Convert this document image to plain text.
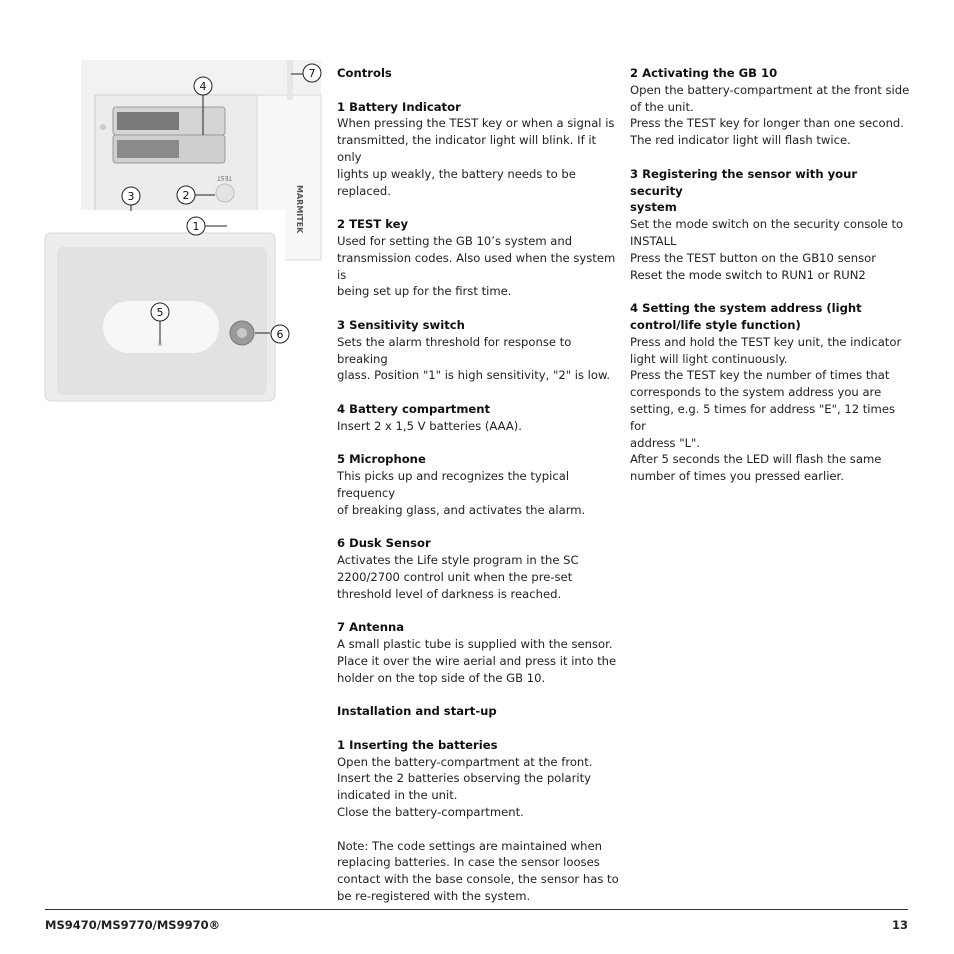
MARMITEK
TEST
7
4
3	2
1
5
6
Controls
1 Battery Indicator
When pressing the TEST key or when a signal is
transmitted, the indicator light will blink. If it only
lights up weakly, the battery needs to be
replaced.
2 TEST key
Used for setting the GB 10’s system and
transmission codes. Also used when the system is
being set up for the first time.
3 Sensitivity switch
Sets the alarm threshold for response to breaking
glass. Position "1" is high sensitivity, "2" is low.
4 Battery compartment
Insert 2 x 1,5 V batteries (AAA).
5 Microphone
This picks up and recognizes the typical frequency
of breaking glass, and activates the alarm.
6 Dusk Sensor
Activates the Life style program in the SC
2200/2700 control unit when the pre-set
threshold level of darkness is reached.
7 Antenna
A small plastic tube is supplied with the sensor.
Place it over the wire aerial and press it into the
holder on the top side of the GB 10.
Installation and start-up
1 Inserting the batteries
Open the battery-compartment at the front.
Insert the 2 batteries observing the polarity
indicated in the unit.
Close the battery-compartment.
Note: The code settings are maintained when
replacing batteries. In case the sensor looses
contact with the base console, the sensor has to
be re-registered with the system.
2 Activating the GB 10
Open the battery-compartment at the front side
of the unit.
Press the TEST key for longer than one second.
The red indicator light will flash twice.
3 Registering the sensor with your security
system
Set the mode switch on the security console to
INSTALL
Press the TEST button on the GB10 sensor
Reset the mode switch to RUN1 or RUN2
4 Setting the system address (light
control/life style function)
Press and hold the TEST key unit, the indicator
light will light continuously.
Press the TEST key the number of times that
corresponds to the system address you are
setting, e.g. 5 times for address "E", 12 times for
address "L".
After 5 seconds the LED will flash the same
number of times you pressed earlier.
MS9470/MS9770/MS9970®	13
